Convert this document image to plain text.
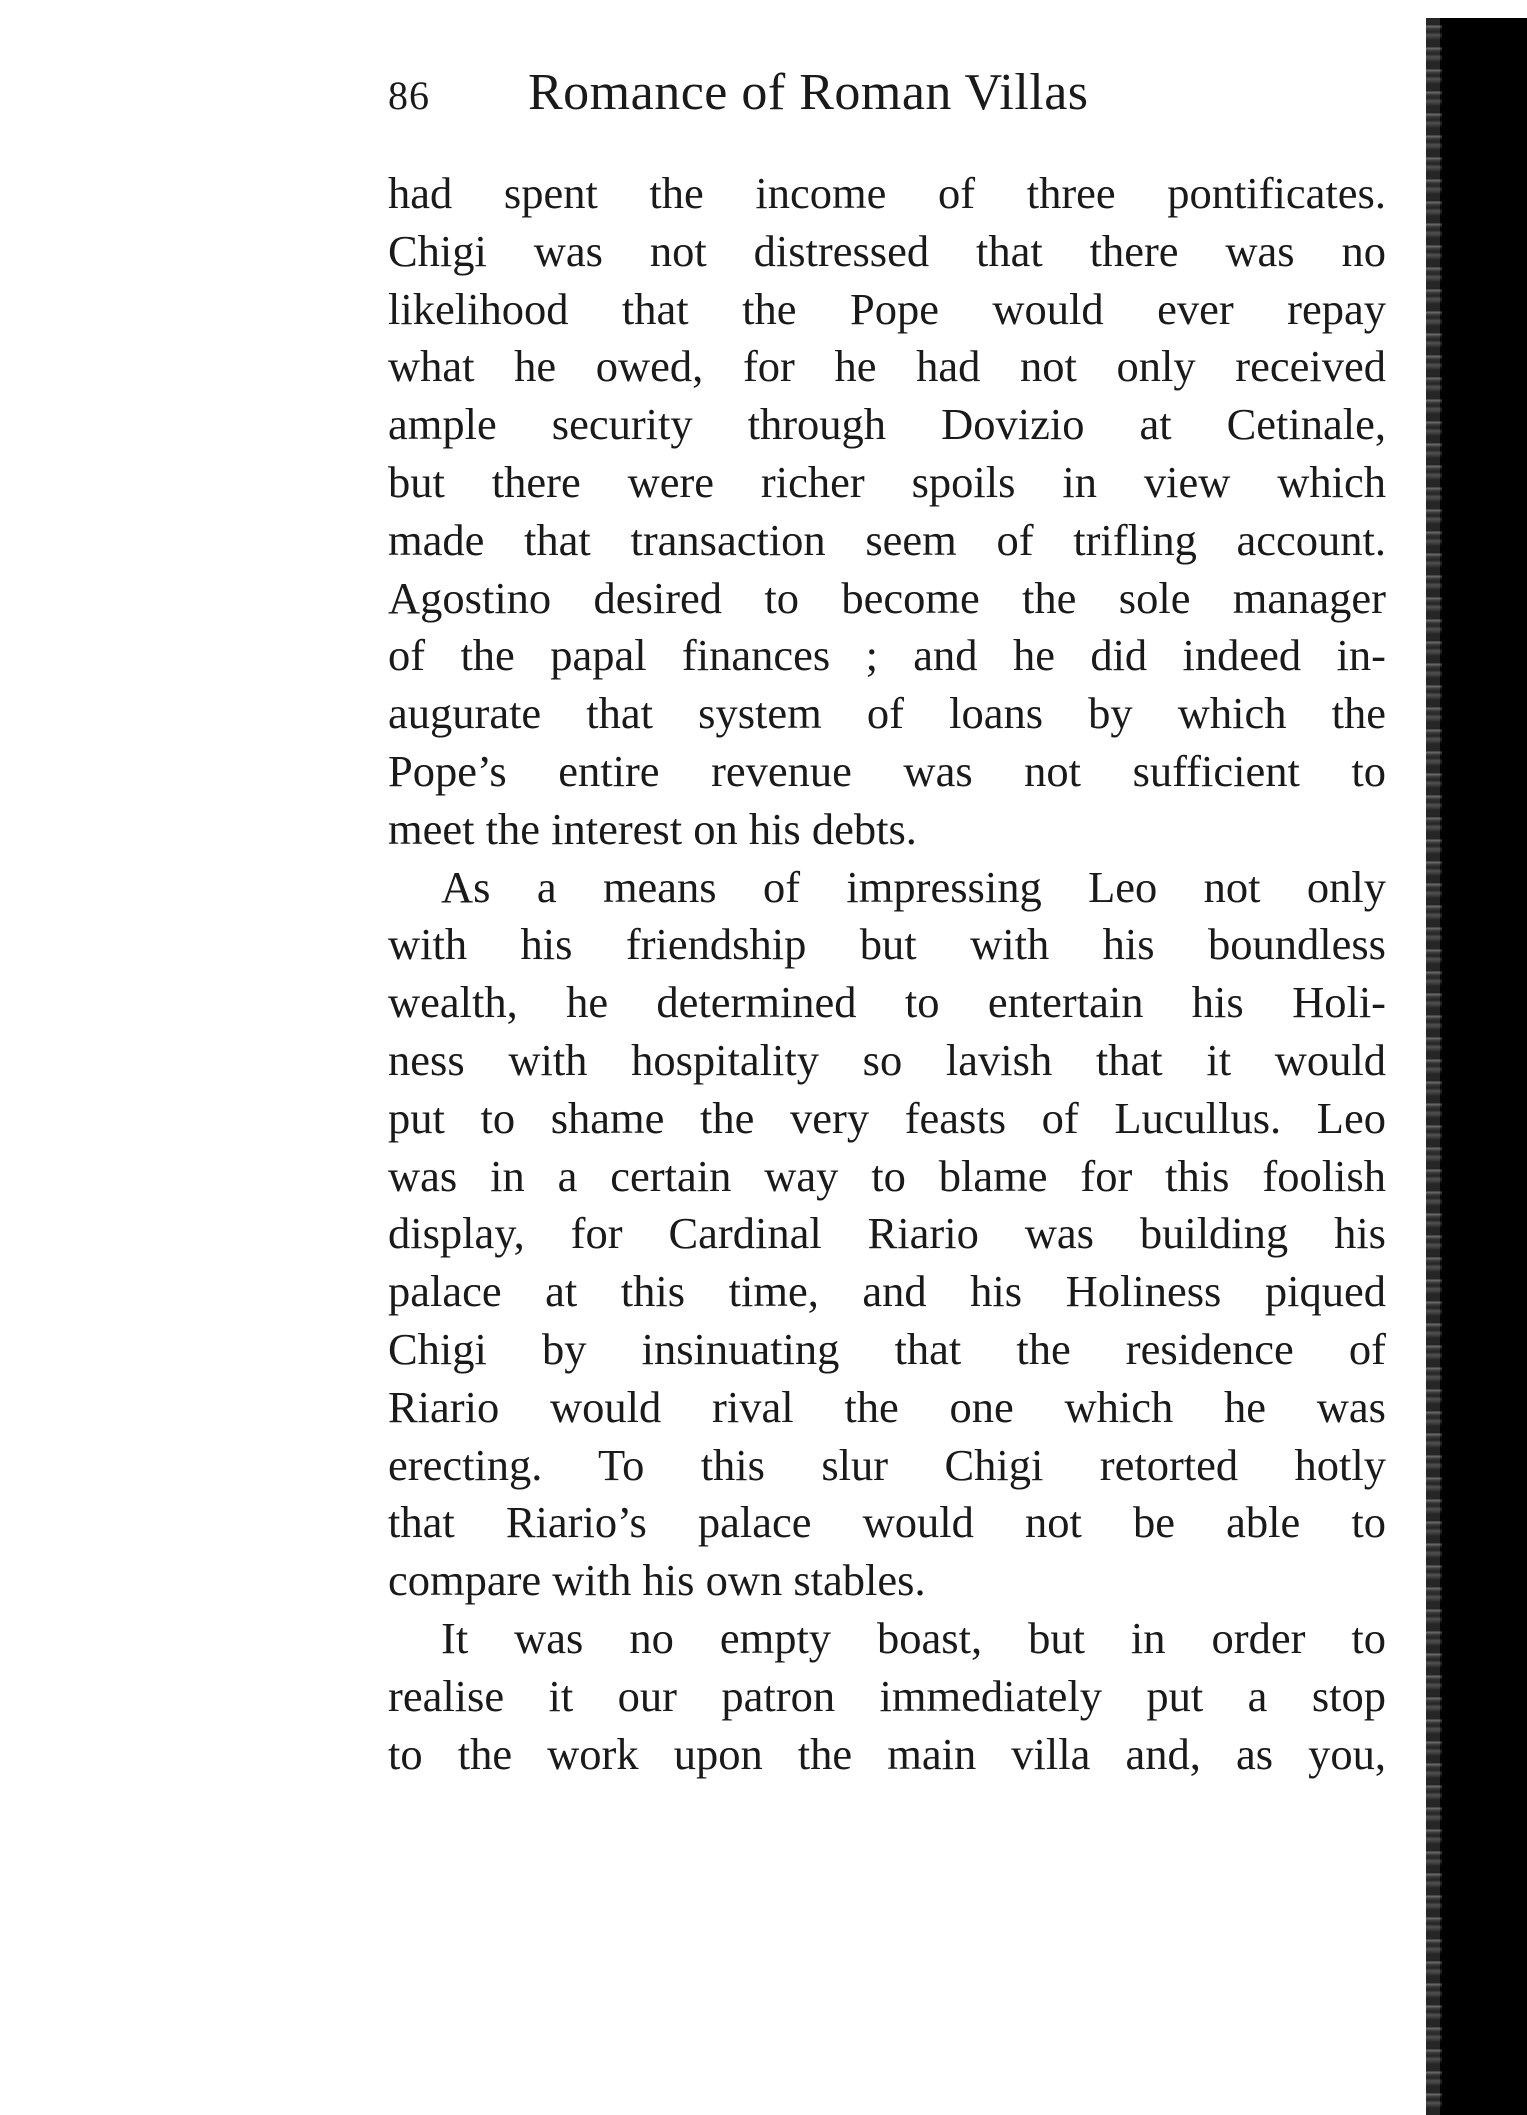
86 Romance of Roman Villas
had spent the income of three pontificates.
Chigi was not distressed that there was no
likelihood that the Pope would ever repay
what he owed, for he had not only received
ample security through Dovizio at Cetinale,
but there were richer spoils in view which
made that transaction seem of trifling account.
Agostino desired to become the sole manager
of the papal finances ; and he did indeed in-
augurate that system of loans by which the
Pope’s entire revenue was not sufficient to
meet the interest on his debts.
As a means of impressing Leo not only
with his friendship but with his boundless
wealth, he determined to entertain his Holi-
ness with hospitality so lavish that it would
put to shame the very feasts of Lucullus. Leo
was in a certain way to blame for this foolish
display, for Cardinal Riario was building his
palace at this time, and his Holiness piqued
Chigi by insinuating that the residence of
Riario would rival the one which he was
erecting. To this slur Chigi retorted hotly
that Riario’s palace would not be able to
compare with his own stables.
It was no empty boast, but in order to
realise it our patron immediately put a stop
to the work upon the main villa and, as you,
